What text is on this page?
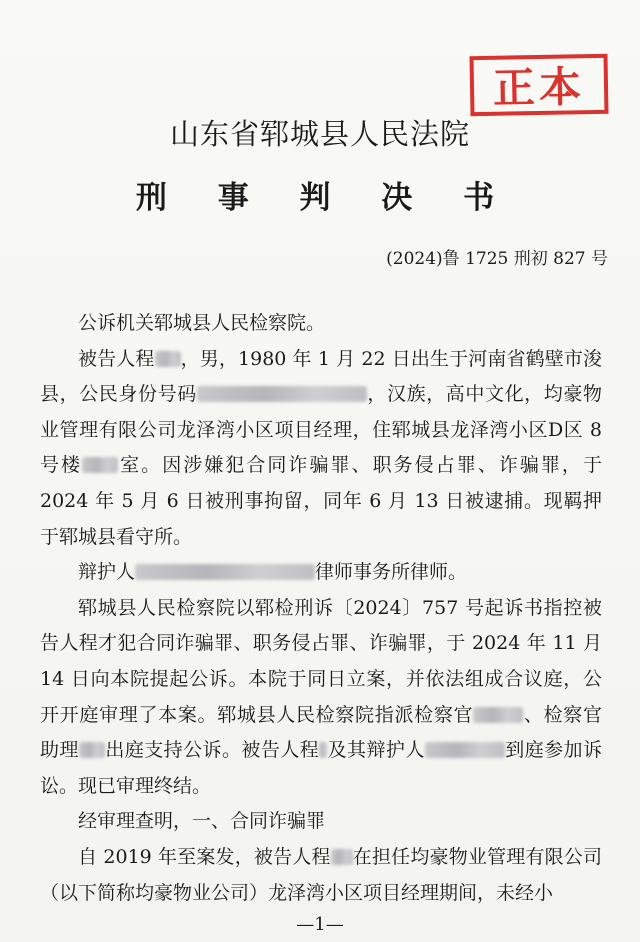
正本
山东省郓城县人民法院
刑 事 判 决 书
(2024)鲁 1725 刑初 827 号

公诉机关郓城县人民检察院。

被告人程 ，男，1980 年 1 月 22 日出生于河南省鹤壁市浚县，公民身份号码	，汉族，高中文化，均豪物业管理有限公司龙泽湾小区项目经理，住郓城县龙泽湾小区D区 8 号楼 室。因涉嫌犯合同诈骗罪、职务侵占罪、诈骗罪，于 2024 年 5 月 6 日被刑事拘留，同年 6 月 13 日被逮捕。现羁押于郓城县看守所。

辩护人	律师事务所律师。

郓城县人民检察院以郓检刑诉〔2024〕757 号起诉书指控被告人程才犯合同诈骗罪、职务侵占罪、诈骗罪，于 2024 年 11 月 14 日向本院提起公诉。本院于同日立案，并依法组成合议庭，公开开庭审理了本案。郓城县人民检察院指派检察官	、检察官助理 出庭支持公诉。被告人程 及其辩护人	到庭参加诉讼。现已审理终结。

经审理查明，一、合同诈骗罪

自 2019 年至案发，被告人程 在担任均豪物业管理有限公司（以下简称均豪物业公司）龙泽湾小区项目经理期间，未经小

—1—
